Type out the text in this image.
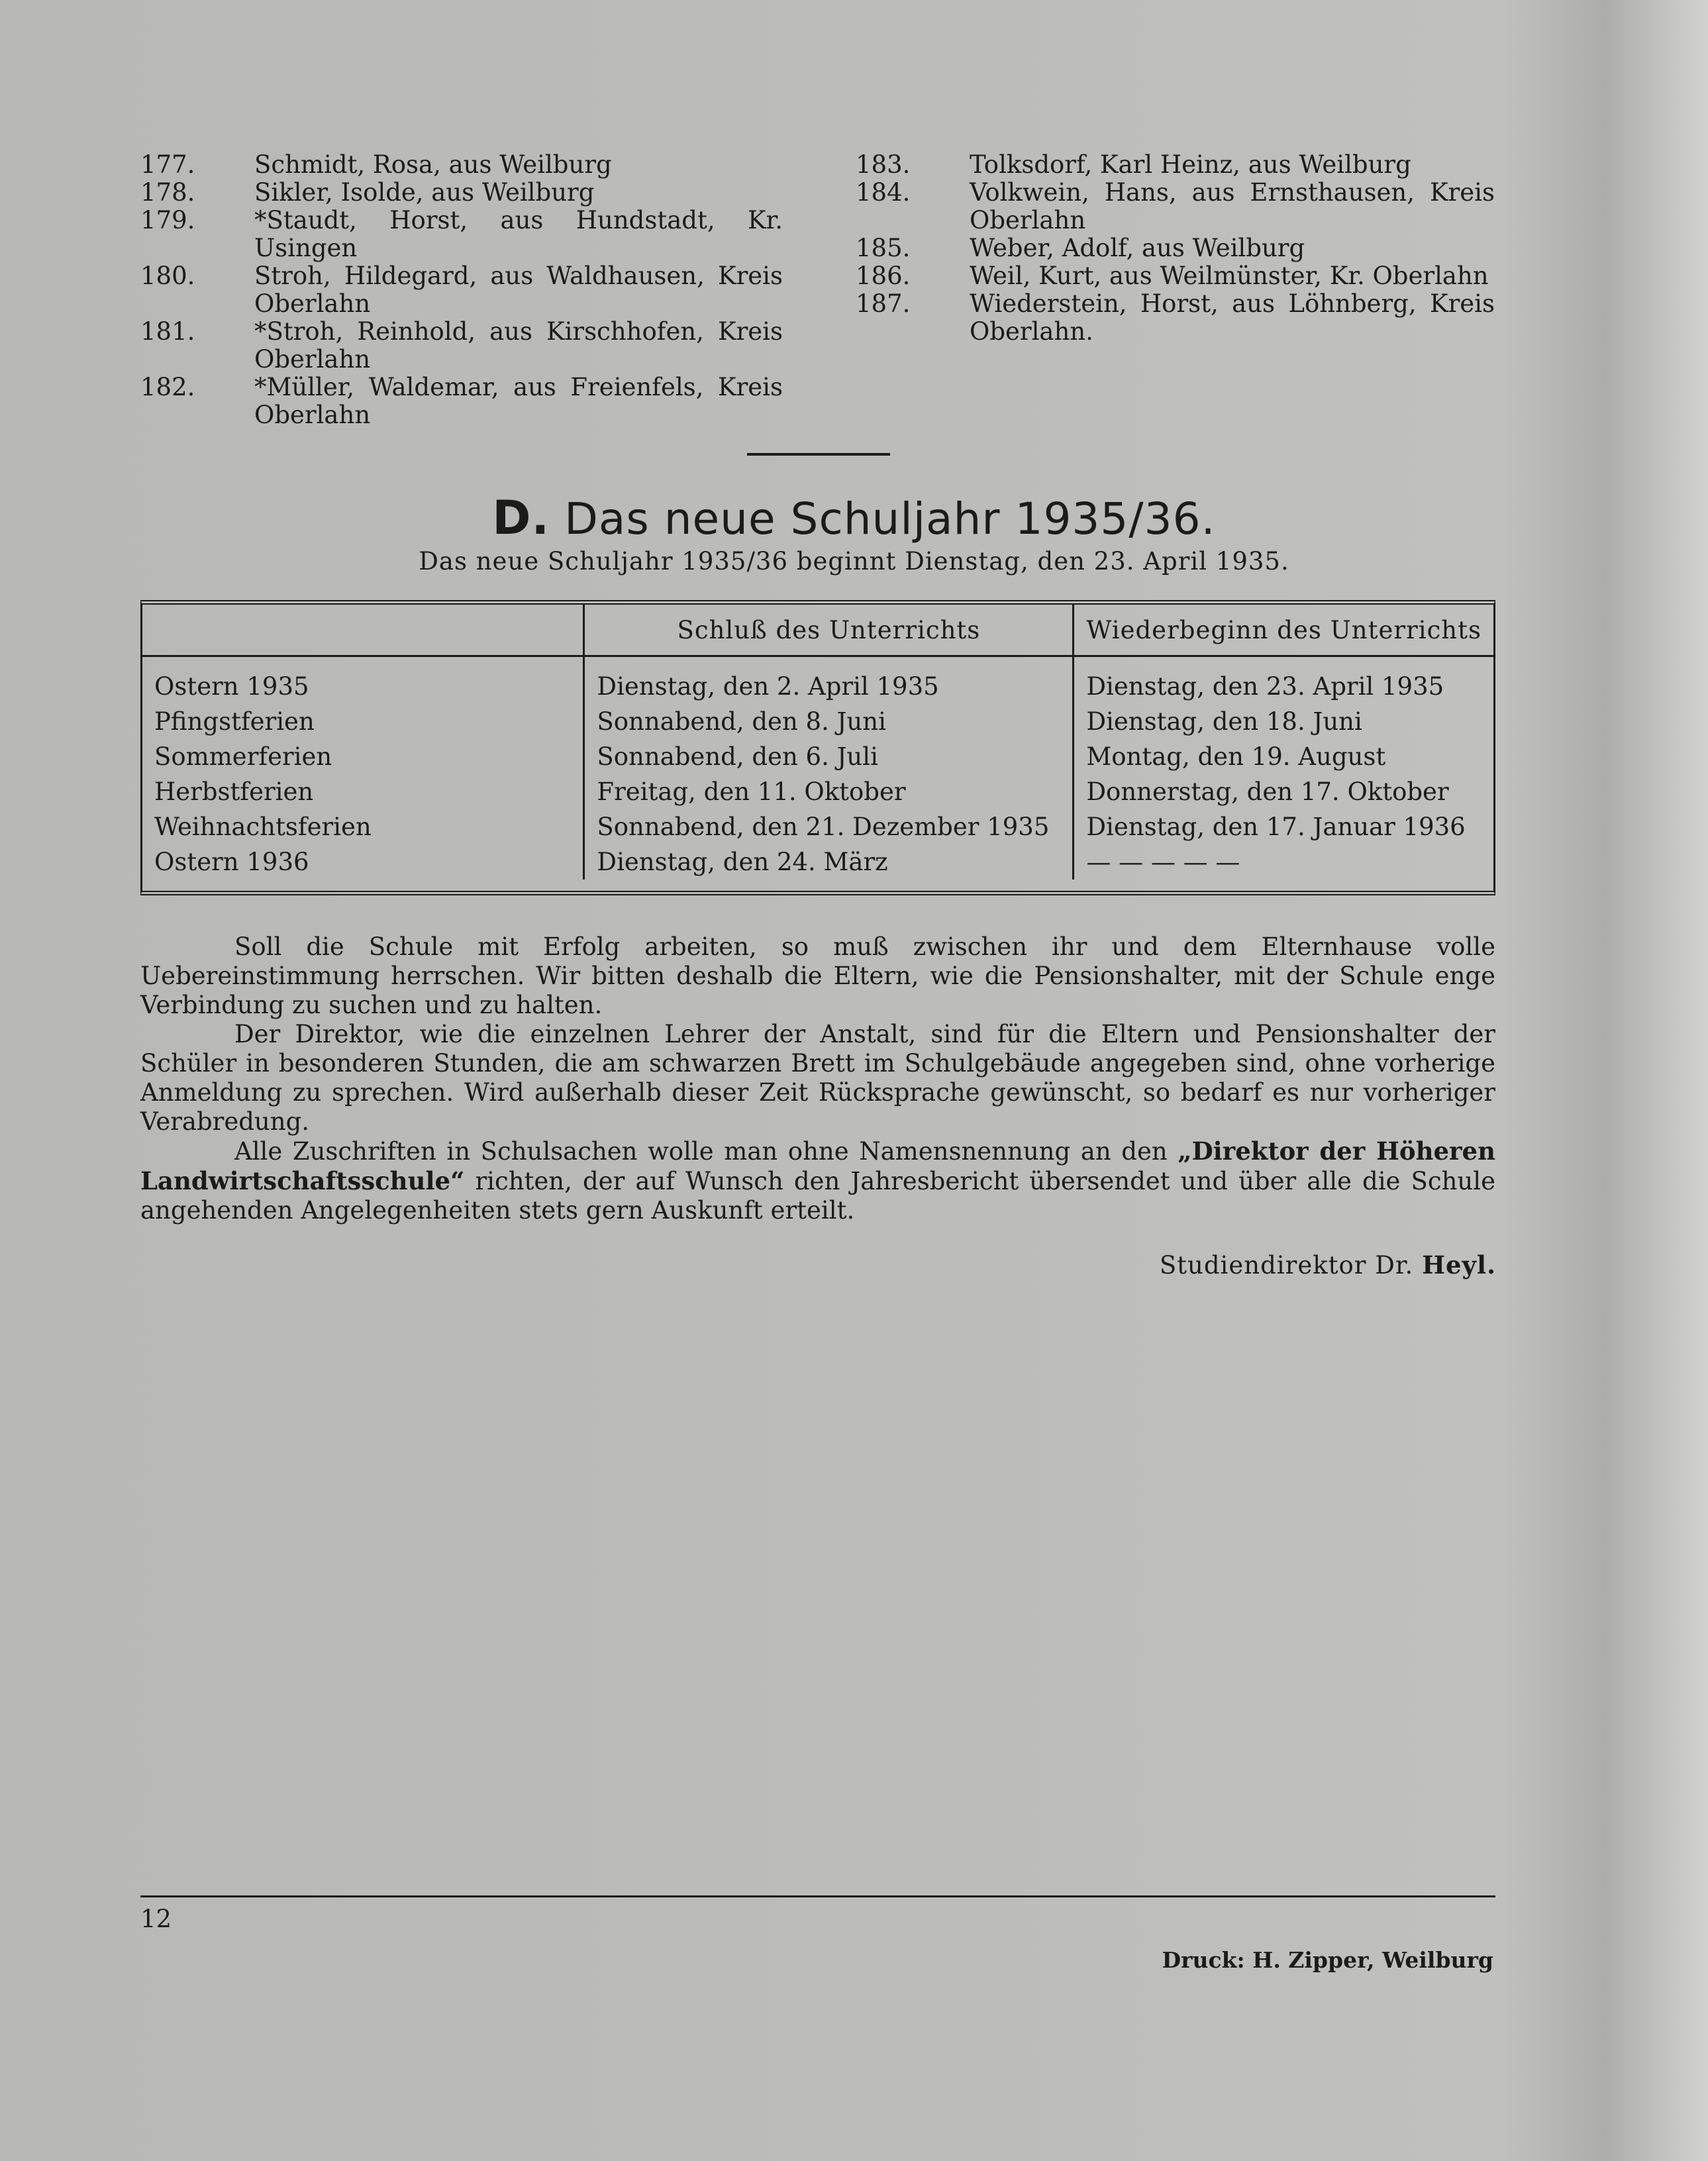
177.	Schmidt, Rosa, aus Weilburg
178.	Sikler, Isolde, aus Weilburg
179.	*Staudt, Horst, aus Hundstadt, Kr. Usingen
180.	Stroh, Hildegard, aus Waldhausen, Kreis Oberlahn
181.	*Stroh, Reinhold, aus Kirschhofen, Kreis Oberlahn
182.	*Müller, Waldemar, aus Freienfels, Kreis Oberlahn
183.	Tolksdorf, Karl Heinz, aus Weilburg
184.	Volkwein, Hans, aus Ernsthausen, Kreis Oberlahn
185.	Weber, Adolf, aus Weilburg
186.	Weil, Kurt, aus Weilmünster, Kr. Oberlahn
187.	Wiederstein, Horst, aus Löhnberg, Kreis Oberlahn.
D. Das neue Schuljahr 1935/36.
Das neue Schuljahr 1935/36 beginnt Dienstag, den 23. April 1935.
	Schluß des Unterrichts	Wiederbeginn des Unterrichts
Ostern 1935	Dienstag, den 2. April 1935	Dienstag, den 23. April 1935
Pfingstferien	Sonnabend, den 8. Juni	Dienstag, den 18. Juni
Sommerferien	Sonnabend, den 6. Juli	Montag, den 19. August
Herbstferien	Freitag, den 11. Oktober	Donnerstag, den 17. Oktober
Weihnachtsferien	Sonnabend, den 21. Dezember 1935	Dienstag, den 17. Januar 1936
Ostern 1936	Dienstag, den 24. März	— — — — —

Soll die Schule mit Erfolg arbeiten, so muß zwischen ihr und dem Elternhause volle Uebereinstimmung herrschen. Wir bitten deshalb die Eltern, wie die Pensionshalter, mit der Schule enge Verbindung zu suchen und zu halten.

Der Direktor, wie die einzelnen Lehrer der Anstalt, sind für die Eltern und Pensionshalter der Schüler in besonderen Stunden, die am schwarzen Brett im Schulgebäude angegeben sind, ohne vorherige Anmeldung zu sprechen. Wird außerhalb dieser Zeit Rücksprache gewünscht, so bedarf es nur vorheriger Verabredung.

Alle Zuschriften in Schulsachen wolle man ohne Namensnennung an den „Direktor der Höheren Landwirtschaftsschule“ richten, der auf Wunsch den Jahresbericht übersendet und über alle die Schule angehenden Angelegenheiten stets gern Auskunft erteilt.

Studiendirektor Dr. Heyl.
12
Druck: H. Zipper, Weilburg
